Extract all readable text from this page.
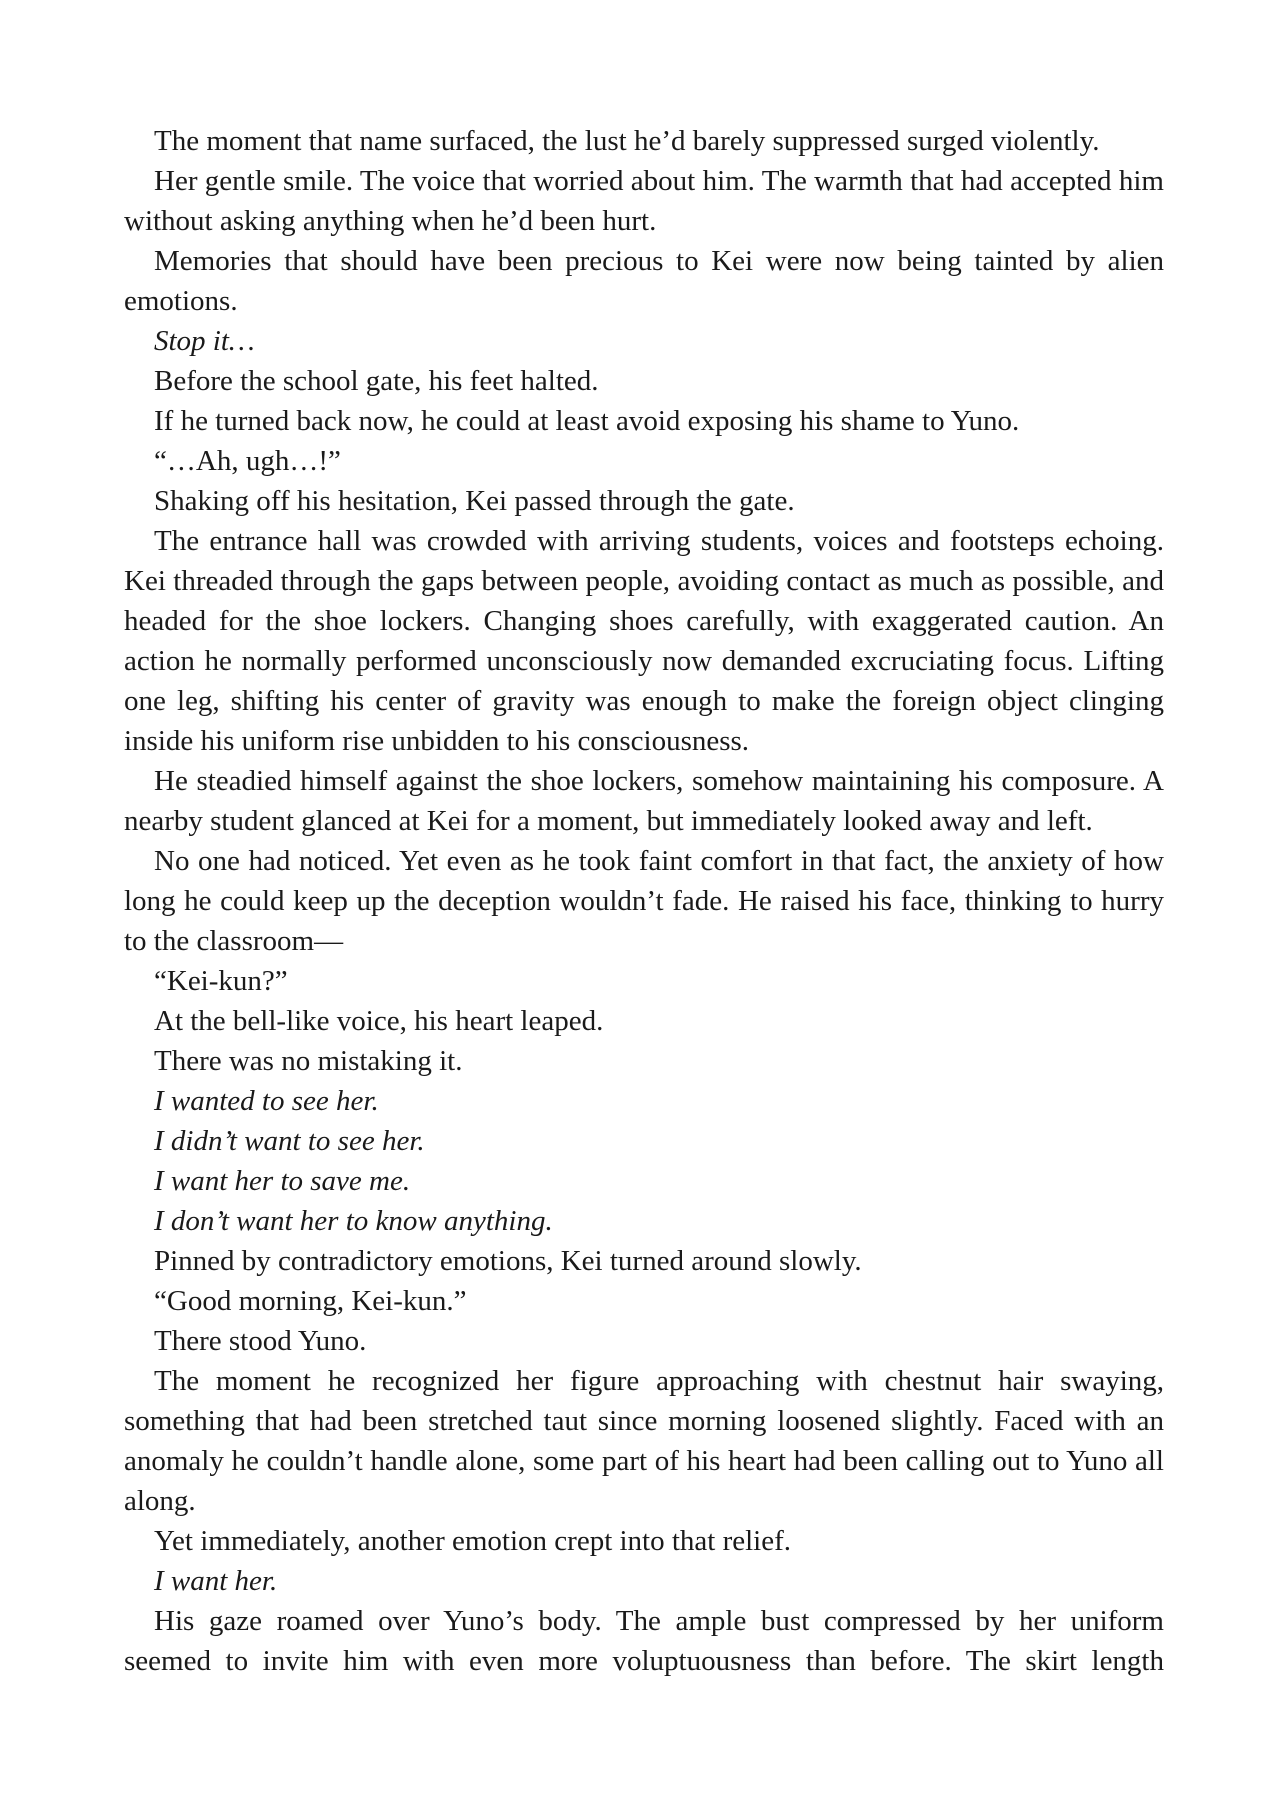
The moment that name surfaced, the lust he’d barely suppressed surged violently.

Her gentle smile. The voice that worried about him. The warmth that had accepted him without asking anything when he’d been hurt.

Memories that should have been precious to Kei were now being tainted by alien emotions.

Stop it…

Before the school gate, his feet halted.

If he turned back now, he could at least avoid exposing his shame to Yuno.

“…Ah, ugh…!”

Shaking off his hesitation, Kei passed through the gate.

The entrance hall was crowded with arriving students, voices and footsteps echoing. Kei threaded through the gaps between people, avoiding contact as much as possible, and headed for the shoe lockers. Changing shoes carefully, with exaggerated caution. An action he normally performed unconsciously now demanded excruciating focus. Lifting one leg, shifting his center of gravity was enough to make the foreign object clinging inside his uniform rise unbidden to his consciousness.

He steadied himself against the shoe lockers, somehow maintaining his composure. A nearby student glanced at Kei for a moment, but immediately looked away and left.

No one had noticed. Yet even as he took faint comfort in that fact, the anxiety of how long he could keep up the deception wouldn’t fade. He raised his face, thinking to hurry to the classroom—

“Kei-kun?”

At the bell-like voice, his heart leaped.

There was no mistaking it.

I wanted to see her.

I didn’t want to see her.

I want her to save me.

I don’t want her to know anything.

Pinned by contradictory emotions, Kei turned around slowly.

“Good morning, Kei-kun.”

There stood Yuno.

The moment he recognized her figure approaching with chestnut hair swaying, something that had been stretched taut since morning loosened slightly. Faced with an anomaly he couldn’t handle alone, some part of his heart had been calling out to Yuno all along.

Yet immediately, another emotion crept into that relief.

I want her.

His gaze roamed over Yuno’s body. The ample bust compressed by her uniform seemed to invite him with even more voluptuousness than before. The skirt length
